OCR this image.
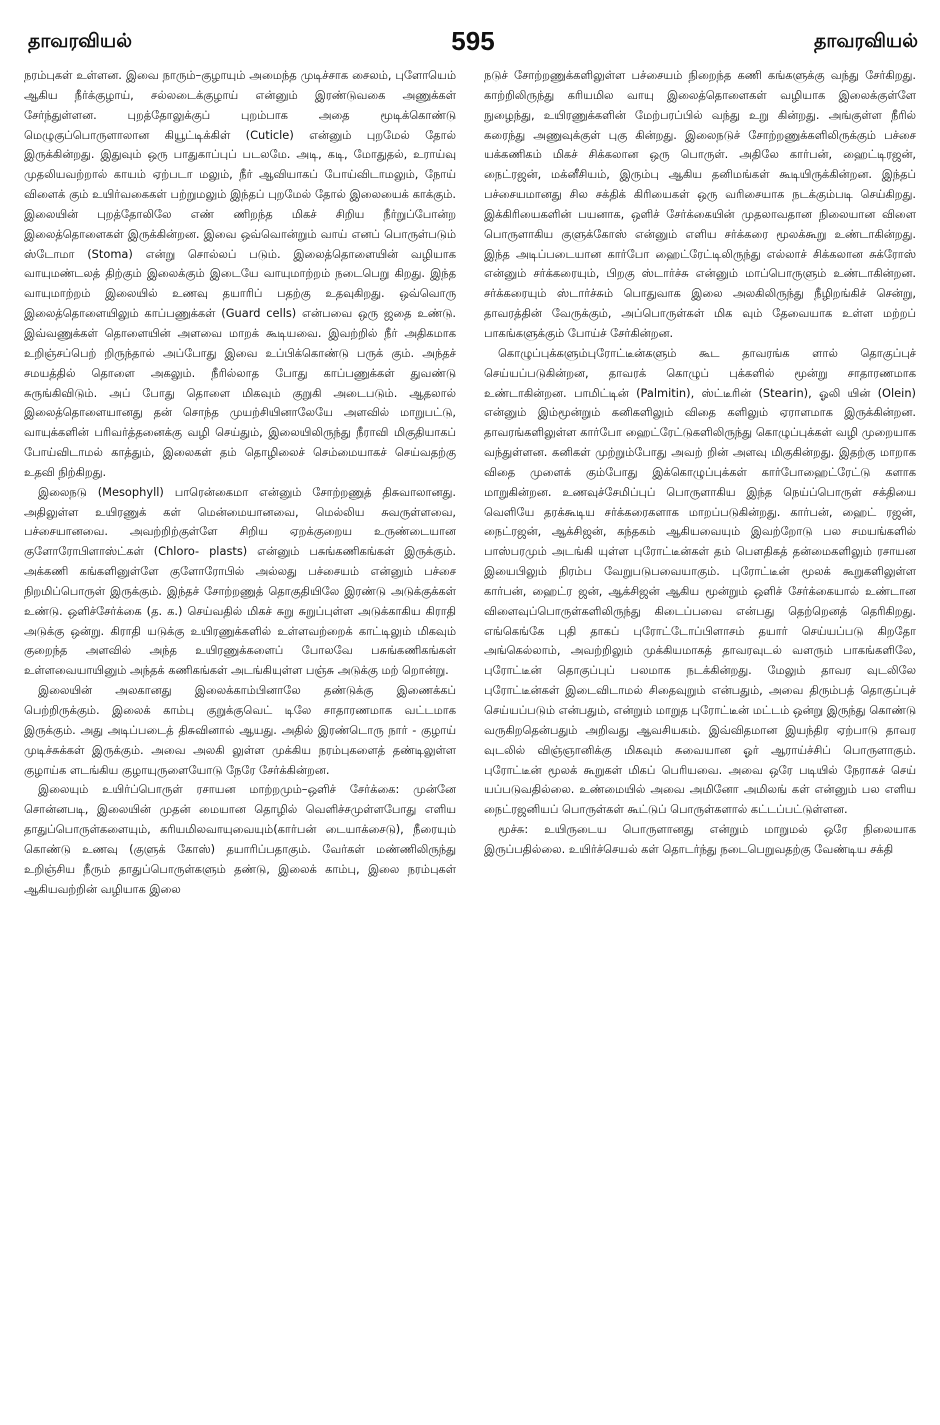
தாவரவியல்	595	தாவரவியல்

நரம்புகள் உள்ளன. இவை நாரும்–குழாயும் அமைந்த முடிச்சாக சைலம், புளோயெம் ஆகிய நீர்க்குழாய், சல்லடைக்குழாய் என்னும் இரண்டுவகை அணுக்கள் சேர்ந்துள்ளன. புறத்தோலுக்குப் புறம்பாக அதை மூடிக்கொண்டு மெழுகுப்பொருளாலான கியூட்டிக்கிள் (Cuticle) என்னும் புறமேல் தோல் இருக்கின்றது. இதுவும் ஒரு பாதுகாப்புப் படலமே. அடி, கடி, மோதுதல், உராய்வு முதலியவற்றால் காயம் ஏற்படா மலும், நீர் ஆவியாகப் போய்விடாமலும், நோய் விளைக் கும் உயிர்வகைகள் பற்றுமலும் இந்தப் புறமேல் தோல் இலையைக் காக்கும். இலையின் புறத்தோலிலே எண் ணிறந்த மிகச் சிறிய நீர்றுப்போன்ற இலைத்தொளைகள் இருக்கின்றன. இவை ஒவ்வொன்றும் வாய் எனப் பொருள்படும் ஸ்டோமா (Stoma) என்று சொல்லப் படும். இலைத்தொளையின் வழியாக வாயுமண்டலத் திற்கும் இலைக்கும் இடையே வாயுமாற்றம் நடைபெறு கிறது. இந்த வாயுமாற்றம் இலையில் உணவு தயாரிப் பதற்கு உதவுகிறது. ஒவ்வொரு இலைத்தொளையிலும் காப்பணுக்கள் (Guard cells) என்பவை ஒரு ஜதை உண்டு. இவ்வணுக்கள் தொளையின் அளவை மாறக் கூடியவை. இவற்றில் நீர் அதிகமாக உறிஞ்சப்பெற் றிருந்தால் அப்போது இவை உப்பிக்கொண்டு பருக் கும். அந்தச் சமயத்தில் தொளை அகலும். நீரில்லாத போது காப்பணுக்கள் துவண்டு சுருங்கிவிடும். அப் போது தொளை மிகவும் குறுகி அடைபடும். ஆதலால் இலைத்தொளையானது தன் சொந்த முயற்சியினாலேயே அளவில் மாறுபட்டு, வாயுக்களின் பரிவர்த்தனைக்கு வழி செய்தும், இலையிலிருந்து நீராவி மிகுதியாகப் போய்விடாமல் காத்தும், இலைகள் தம் தொழிலைச் செம்மையாகச் செய்வதற்கு உதவி நிற்கிறது.

இலைநடு (Mesophyll) பாரென்கைமா என்னும் சோற்றணுத் திசுவாலானது. அதிலுள்ள உயிரணுக் கள் மென்மையானவை, மெல்லிய சுவருள்ளவை, பச்சையானவை. அவற்றிற்குள்ளே சிறிய ஏறக்குறைய உருண்டையான குளோரோபிளாஸ்ட்கள் (Chloro- plasts) என்னும் பசுங்கணிகங்கள் இருக்கும். அக்கணி கங்களினுள்ளே குளோரோபில் அல்லது பச்சையம் என்னும் பச்சை நிறமிப்பொருள் இருக்கும். இந்தச் சோற்றணுத் தொகுதியிலே இரண்டு அடுக்குக்கள் உண்டு. ஒளிச்சேர்க்கை (த. க.) செய்வதில் மிகச் சுறு சுறுப்புள்ள அடுக்காகிய கிராதி அடுக்கு ஒன்று. கிராதி யடுக்கு உயிரணுக்களில் உள்ளவற்றைக் காட்டிலும் மிகவும் குறைந்த அளவில் அந்த உயிரணுக்களைப் போலவே பசுங்கணிகங்கள் உள்ளவையாயினும் அந்தக் கணிகங்கள் அடங்கியுள்ள பஞ்சு அடுக்கு மற் றொன்று.

இலையின் அலகானது இலைக்காம்பினாலே தண்டுக்கு இணைக்கப் பெற்றிருக்கும். இலைக் காம்பு குறுக்குவெட் டிலே சாதாரணமாக வட்டமாக இருக்கும். அது அடிப்படைத் திசுவினால் ஆயது. அதில் இரண்டொரு நார் - குழாய் முடிச்சுக்கள் இருக்கும். அவை அலகி லுள்ள முக்கிய நரம்புகளைத் தண்டிலுள்ள குழாய்க ளடங்கிய குழாயுருளையோடு நேரே சேர்க்கின்றன.

இலையும் உயிர்ப்பொருள் ரசாயன மாற்றமும்–ஒளிச் சேர்க்கை: முன்னே சொன்னபடி, இலையின் முதன் மையான தொழில் வெளிச்சமுள்ளபோது எளிய தாதுப்பொருள்களையும், கரியமிலவாயுவையும்(கார்பன் டையாக்சைடு), நீரையும் கொண்டு உணவு (குளுக் கோஸ்) தயாரிப்பதாகும். வேர்கள் மண்ணிலிருந்து உறிஞ்சிய நீரும் தாதுப்பொருள்களும் தண்டு, இலைக் காம்பு, இலை நரம்புகள் ஆகியவற்றின் வழியாக இலை

நடுச் சோற்றணுக்களிலுள்ள பச்சையம் நிறைந்த கணி கங்களுக்கு வந்து சேர்கிறது. காற்றிலிருந்து கரியமில வாயு இலைத்தொளைகள் வழியாக இலைக்குள்ளே நுழைந்து, உயிரணுக்களின் மேற்பரப்பில் வந்து உறு கின்றது. அங்குள்ள நீரில் கரைந்து அணுவுக்குள் புகு கின்றது. இலைநடுச் சோற்றணுக்களிலிருக்கும் பச்சை யக்கணிகம் மிகச் சிக்கலான ஒரு பொருள். அதிலே கார்பன், ஹைட்டிரஜன், நைட்ரஜன், மக்னீசியம், இரும்பு ஆகிய தனிமங்கள் கூடியிருக்கின்றன. இந்தப் பச்சையமானது சில சக்திக் கிரியைகள் ஒரு வரிசையாக நடக்கும்படி செய்கிறது. இக்கிரியைகளின் பயனாக, ஒளிச் சேர்க்கையின் முதலாவதான நிலையான விளை பொருளாகிய குளுக்கோஸ் என்னும் எளிய சர்க்கரை மூலக்கூறு உண்டாகின்றது. இந்த அடிப்படையான கார்போ ஹைட்ரேட்டிலிருந்து எல்லாச் சிக்கலான சுக்ரோஸ் என்னும் சர்க்கரையும், பிறகு ஸ்டார்ச்சு என்னும் மாப்பொருளும் உண்டாகின்றன. சர்க்கரையும் ஸ்டார்ச்சும் பொதுவாக இலை அலகிலிருந்து நீழிறங்கிச் சென்று, தாவரத்தின் வேருக்கும், அப்பொருள்கள் மிக வும் தேவையாக உள்ள மற்றப் பாகங்களுக்கும் போய்ச் சேர்கின்றன.

கொழுப்புக்களும்புரோட்டீன்களும் கூட தாவரங்க ளால் தொகுப்புச் செய்யப்படுகின்றன, தாவரக் கொழுப் புக்களில் மூன்று சாதாரணமாக உண்டாகின்றன. பாமிட்டின் (Palmitin), ஸ்ட்டீரின் (Stearin), ஓலி யின் (Olein) என்னும் இம்மூன்றும் கனிகளிலும் விதை களிலும் ஏராளமாக இருக்கின்றன. தாவரங்களிலுள்ள கார்போ ஹைட்ரேட்டுகளிலிருந்து கொழுப்புக்கள் வழி முறையாக வந்துள்ளன. கனிகள் முற்றும்போது அவற் றின் அளவு மிகுகின்றது. இதற்கு மாறாக விதை முளைக் கும்போது இக்கொழுப்புக்கள் கார்போஹைட்ரேட்டு களாக மாறுகின்றன. உணவுச்சேமிப்புப் பொருளாகிய இந்த நெய்ப்பொருள் சக்தியை வெளியே தரக்கூடிய சர்க்கரைகளாக மாறப்படுகின்றது. கார்பன், ஹைட் ரஜன், நைட்ரஜன், ஆக்சிஜன், கந்தகம் ஆகியவையும் இவற்றோடு பல சமயங்களில் பாஸ்பரமும் அடங்கி யுள்ள புரோட்டீன்கள் தம் பௌதிகத் தன்மைகளிலும் ரசாயன இயைபிலும் நிரம்ப வேறுபடுபவையாகும். புரோட்டீன் மூலக் கூறுகளிலுள்ள கார்பன், ஹைட்ர ஜன், ஆக்சிஜன் ஆகிய மூன்றும் ஒளிச் சேர்க்கையால் உண்டான விளைவுப்பொருள்களிலிருந்து கிடைப்பவை என்பது தெற்றெனத் தெரிகிறது. எங்கெங்கே புதி தாகப் புரோட்டோப்பிளாசம் தயார் செய்யப்படு கிறதோ அங்கெல்லாம், அவற்றிலும் முக்கியமாகத் தாவரவுடல் வளரும் பாகங்களிலே, புரோட்டீன் தொகுப்புப் பலமாக நடக்கின்றது. மேலும் தாவர வுடலிலே புரோட்டீன்கள் இடைவிடாமல் சிதைவுறும் என்பதும், அவை திரும்பத் தொகுப்புச் செய்யப்படும் என்பதும், என்றும் மாறுத புரோட்டீன் மட்டம் ஒன்று இருந்து கொண்டு வருகிறதென்பதும் அறிவது ஆவசியகம். இவ்விதமான இயந்திர ஏற்பாடு தாவர வுடலில் விஞ்ஞானிக்கு மிகவும் சுவையான ஓர் ஆராய்ச்சிப் பொருளாகும். புரோட்டீன் மூலக் கூறுகள் மிகப் பெரியவை. அவை ஒரே படியில் நேராகச் செய் யப்படுவதில்லை. உண்மையில் அவை அமினோ அமிலங் கள் என்னும் பல எளிய நைட்ரஜனியப் பொருள்கள் கூட்டுப் பொருள்களால் கட்டப்பட்டுள்ளன.

மூச்சு: உயிருடைய பொருளானது என்றும் மாறுமல் ஒரே நிலையாக இருப்பதில்லை. உயிர்ச்செயல் கள் தொடர்ந்து நடைபெறுவதற்கு வேண்டிய சக்தி
